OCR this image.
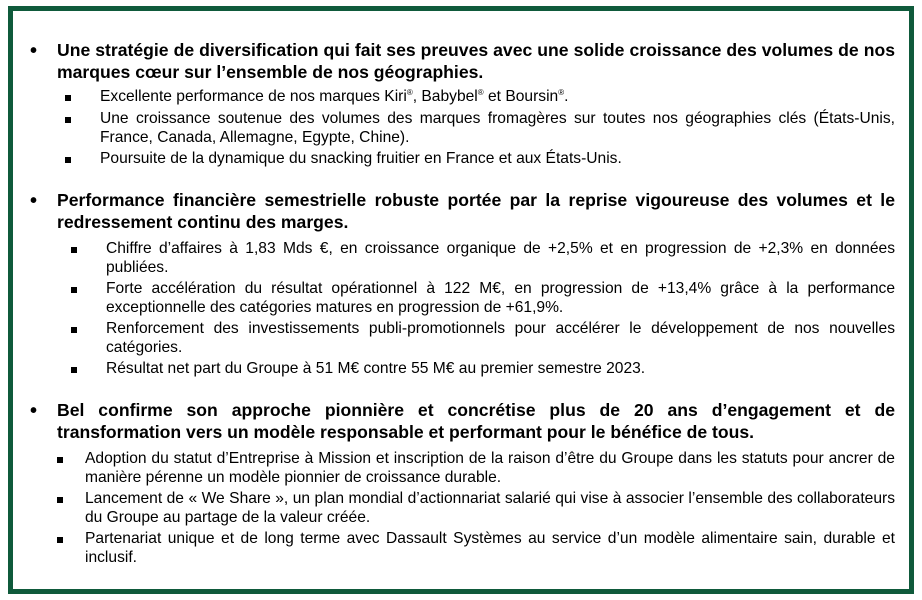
• Une stratégie de diversification qui fait ses preuves avec une solide croissance des volumes de nos marques cœur sur l’ensemble de nos géographies.
Excellente performance de nos marques Kiri®, Babybel® et Boursin®.
Une croissance soutenue des volumes des marques fromagères sur toutes nos géographies clés (États-Unis, France, Canada, Allemagne, Egypte, Chine).
Poursuite de la dynamique du snacking fruitier en France et aux États-Unis.
• Performance financière semestrielle robuste portée par la reprise vigoureuse des volumes et le redressement continu des marges.
Chiffre d’affaires à 1,83 Mds €, en croissance organique de +2,5% et en progression de +2,3% en données publiées.
Forte accélération du résultat opérationnel à 122 M€, en progression de +13,4% grâce à la performance exceptionnelle des catégories matures en progression de +61,9%.
Renforcement des investissements publi-promotionnels pour accélérer le développement de nos nouvelles catégories.
Résultat net part du Groupe à 51 M€ contre 55 M€ au premier semestre 2023.
• Bel confirme son approche pionnière et concrétise plus de 20 ans d’engagement et de transformation vers un modèle responsable et performant pour le bénéfice de tous.
Adoption du statut d’Entreprise à Mission et inscription de la raison d’être du Groupe dans les statuts pour ancrer de manière pérenne un modèle pionnier de croissance durable.
Lancement de « We Share », un plan mondial d’actionnariat salarié qui vise à associer l’ensemble des collaborateurs du Groupe au partage de la valeur créée.
Partenariat unique et de long terme avec Dassault Systèmes au service d’un modèle alimentaire sain, durable et inclusif.
